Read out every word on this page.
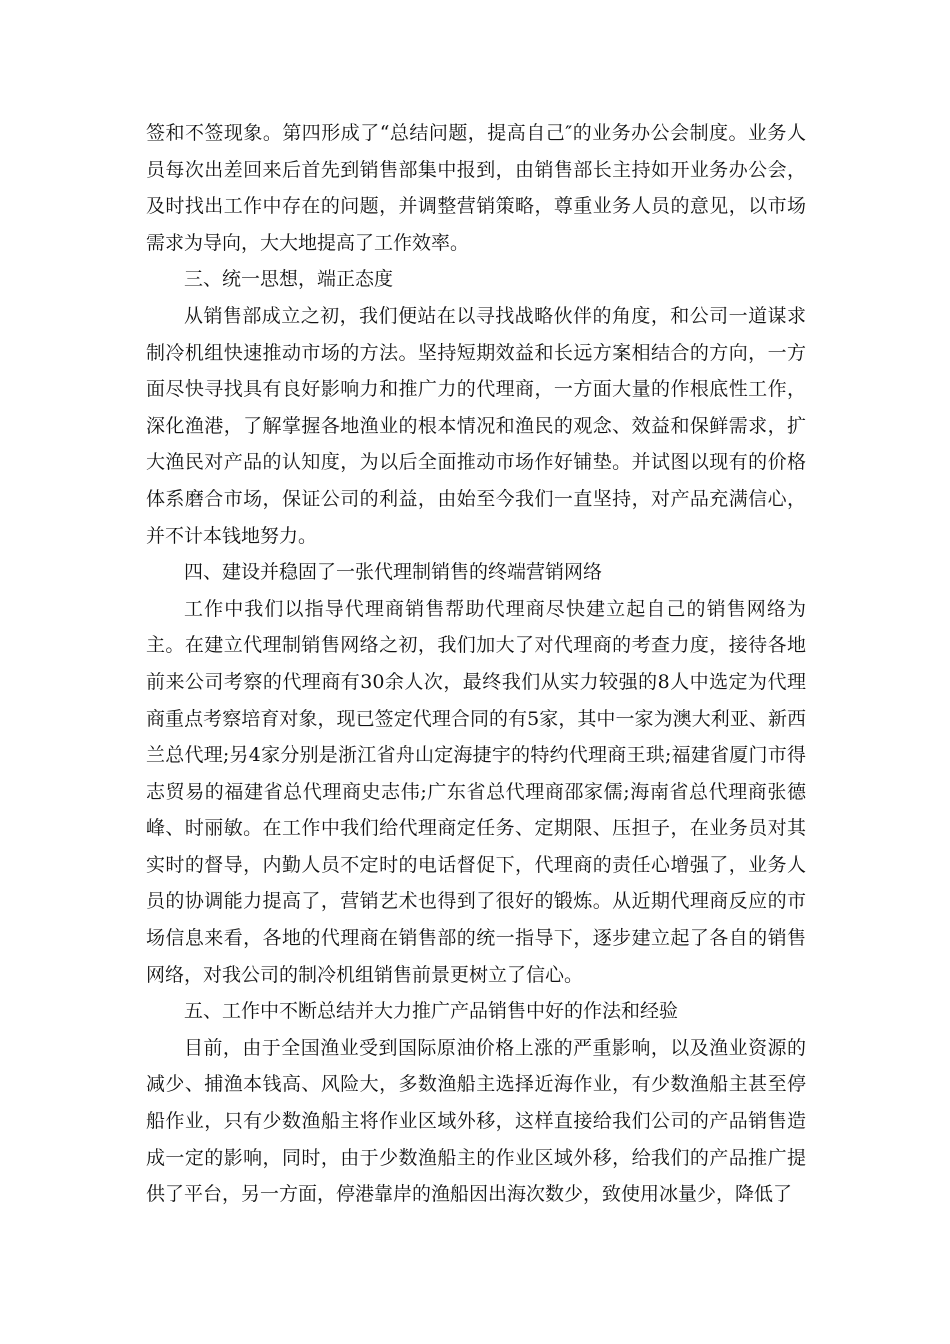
签和不签现象。第四形成了“总结问题，提高自己″的业务办公会制度。业务人员每次出差回来后首先到销售部集中报到，由销售部长主持如开业务办公会，及时找出工作中存在的问题，并调整营销策略，尊重业务人员的意见，以市场需求为导向，大大地提高了工作效率。

三、统一思想，端正态度

从销售部成立之初，我们便站在以寻找战略伙伴的角度，和公司一道谋求制冷机组快速推动市场的方法。坚持短期效益和长远方案相结合的方向，一方面尽快寻找具有良好影响力和推广力的代理商，一方面大量的作根底性工作，深化渔港，了解掌握各地渔业的根本情况和渔民的观念、效益和保鲜需求，扩大渔民对产品的认知度，为以后全面推动市场作好铺垫。并试图以现有的价格体系磨合市场，保证公司的利益，由始至今我们一直坚持，对产品充满信心，并不计本钱地努力。

四、建设并稳固了一张代理制销售的终端营销网络

工作中我们以指导代理商销售帮助代理商尽快建立起自己的销售网络为主。在建立代理制销售网络之初，我们加大了对代理商的考查力度，接待各地前来公司考察的代理商有30余人次，最终我们从实力较强的8人中选定为代理商重点考察培育对象，现已签定代理合同的有5家，其中一家为澳大利亚、新西兰总代理;另4家分别是浙江省舟山定海捷宇的特约代理商王珙;福建省厦门市得志贸易的福建省总代理商史志伟;广东省总代理商邵家儒;海南省总代理商张德峰、时丽敏。在工作中我们给代理商定任务、定期限、压担子，在业务员对其实时的督导，内勤人员不定时的电话督促下，代理商的责任心增强了，业务人员的协调能力提高了，营销艺术也得到了很好的锻炼。从近期代理商反应的市场信息来看，各地的代理商在销售部的统一指导下，逐步建立起了各自的销售网络，对我公司的制冷机组销售前景更树立了信心。

五、工作中不断总结并大力推广产品销售中好的作法和经验

目前，由于全国渔业受到国际原油价格上涨的严重影响，以及渔业资源的减少、捕渔本钱高、风险大，多数渔船主选择近海作业，有少数渔船主甚至停船作业，只有少数渔船主将作业区域外移，这样直接给我们公司的产品销售造成一定的影响，同时，由于少数渔船主的作业区域外移，给我们的产品推广提供了平台，另一方面，停港靠岸的渔船因出海次数少，致使用冰量少，降低了
